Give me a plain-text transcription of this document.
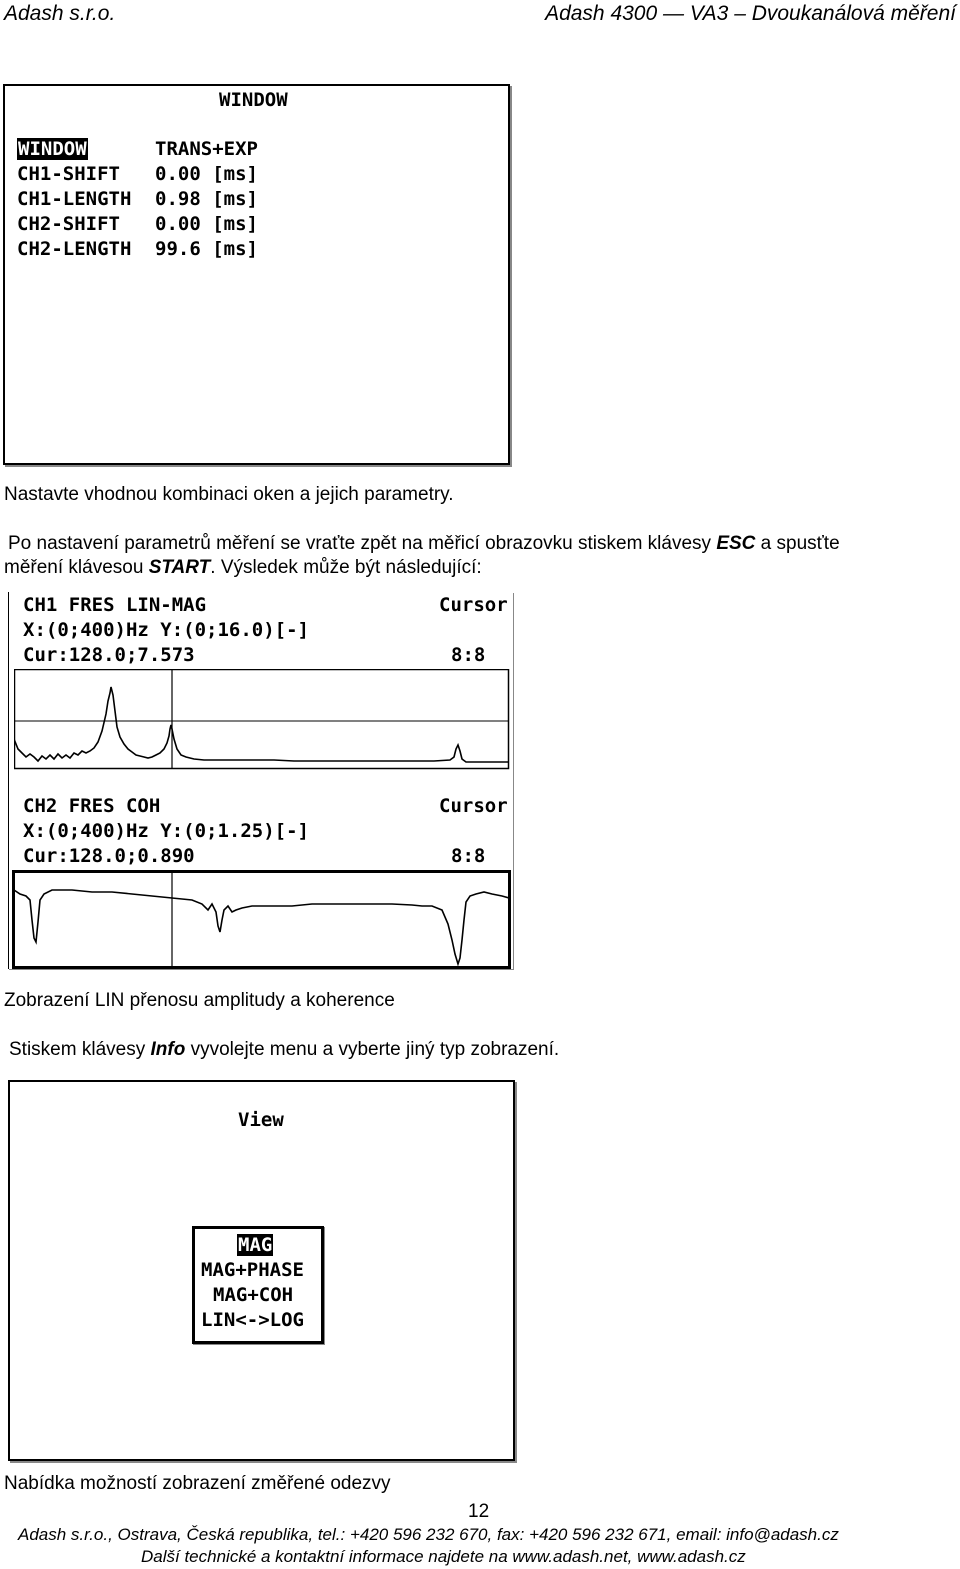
Adash s.r.o.	Adash 4300 — VA3 – Dvoukanálová měření
WINDOW
WINDOW	TRANS+EXP
CH1-SHIFT 0.00 [ms]
CH1-LENGTH 0.98 [ms]
CH2-SHIFT 0.00 [ms]
CH2-LENGTH 99.6 [ms]
Nastavte vhodnou kombinaci oken a jejich parametry.
Po nastavení parametrů měření se vraťte zpět na měřicí obrazovku stiskem klávesy ESC a spusťte
měření klávesou START. Výsledek může být následující:
CH1 FRES LIN-MAG	Cursor
X:(0;400)Hz Y:(0;16.0)[-]
Cur:128.0;7.573	8:8
CH2 FRES COH	Cursor
X:(0;400)Hz Y:(0;1.25)[-]
Cur:128.0;0.890	8:8
Zobrazení LIN přenosu amplitudy a koherence
Stiskem klávesy Info vyvolejte menu a vyberte jiný typ zobrazení.
View
MAG
MAG+PHASE
MAG+COH
LIN<->LOG
Nabídka možností zobrazení změřené odezvy
12
Adash s.r.o., Ostrava, Česká republika, tel.: +420 596 232 670, fax: +420 596 232 671, email: info@adash.cz
Další technické a kontaktní informace najdete na www.adash.net, www.adash.cz
